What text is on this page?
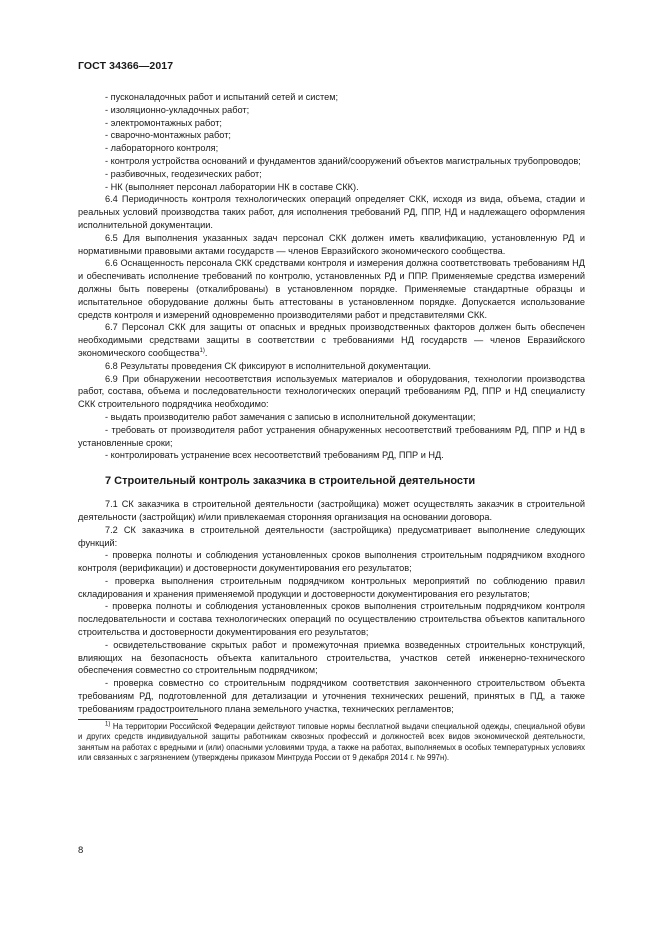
ГОСТ 34366—2017

- пусконаладочных работ и испытаний сетей и систем;

- изоляционно-укладочных работ;

- электромонтажных работ;

- сварочно-монтажных работ;

- лабораторного контроля;

- контроля устройства оснований и фундаментов зданий/сооружений объектов магистральных трубопроводов;

- разбивочных, геодезических работ;

- НК (выполняет персонал лаборатории НК в составе СКК).

6.4 Периодичность контроля технологических операций определяет СКК, исходя из вида, объема, стадии и реальных условий производства таких работ, для исполнения требований РД, ППР, НД и надлежащего оформления исполнительной документации.

6.5 Для выполнения указанных задач персонал СКК должен иметь квалификацию, установленную РД и нормативными правовыми актами государств — членов Евразийского экономического сообщества.

6.6 Оснащенность персонала СКК средствами контроля и измерения должна соответствовать требованиям НД и обеспечивать исполнение требований по контролю, установленных РД и ППР. Применяемые средства измерений должны быть поверены (откалиброваны) в установленном порядке. Применяемые стандартные образцы и испытательное оборудование должны быть аттестованы в установленном порядке. Допускается использование средств контроля и измерений одновременно производителями работ и представителями СКК.

6.7 Персонал СКК для защиты от опасных и вредных производственных факторов должен быть обеспечен необходимыми средствами защиты в соответствии с требованиями НД государств — членов Евразийского экономического сообщества$^{1)}$.

6.8 Результаты проведения СК фиксируют в исполнительной документации.

6.9 При обнаружении несоответствия используемых материалов и оборудования, технологии производства работ, состава, объема и последовательности технологических операций требованиям РД, ППР и НД специалисту СКК строительного подрядчика необходимо:

- выдать производителю работ замечания с записью в исполнительной документации;

- требовать от производителя работ устранения обнаруженных несоответствий требованиям РД, ППР и НД в установленные сроки;

- контролировать устранение всех несоответствий требованиям РД, ППР и НД.

7 Строительный контроль заказчика в строительной деятельности

7.1 СК заказчика в строительной деятельности (застройщика) может осуществлять заказчик в строительной деятельности (застройщик) и/или привлекаемая сторонняя организация на основании договора.

7.2 СК заказчика в строительной деятельности (застройщика) предусматривает выполнение следующих функций:

- проверка полноты и соблюдения установленных сроков выполнения строительным подрядчиком входного контроля (верификации) и достоверности документирования его результатов;

- проверка выполнения строительным подрядчиком контрольных мероприятий по соблюдению правил складирования и хранения применяемой продукции и достоверности документирования его результатов;

- проверка полноты и соблюдения установленных сроков выполнения строительным подрядчиком контроля последовательности и состава технологических операций по осуществлению строительства объектов капитального строительства и достоверности документирования его результатов;

- освидетельствование скрытых работ и промежуточная приемка возведенных строительных конструкций, влияющих на безопасность объекта капитального строительства, участков сетей инженерно-технического обеспечения совместно со строительным подрядчиком;

- проверка совместно со строительным подрядчиком соответствия законченного строительством объекта требованиям РД, подготовленной для детализации и уточнения технических решений, принятых в ПД, а также требованиям градостроительного плана земельного участка, технических регламентов;

$^{1)}$ На территории Российской Федерации действуют типовые нормы бесплатной выдачи специальной одежды, специальной обуви и других средств индивидуальной защиты работникам сквозных профессий и должностей всех видов экономической деятельности, занятым на работах с вредными и (или) опасными условиями труда, а также на работах, выполняемых в особых температурных условиях или связанных с загрязнением (утверждены приказом Минтруда России от 9 декабря 2014 г. № 997н).

8
